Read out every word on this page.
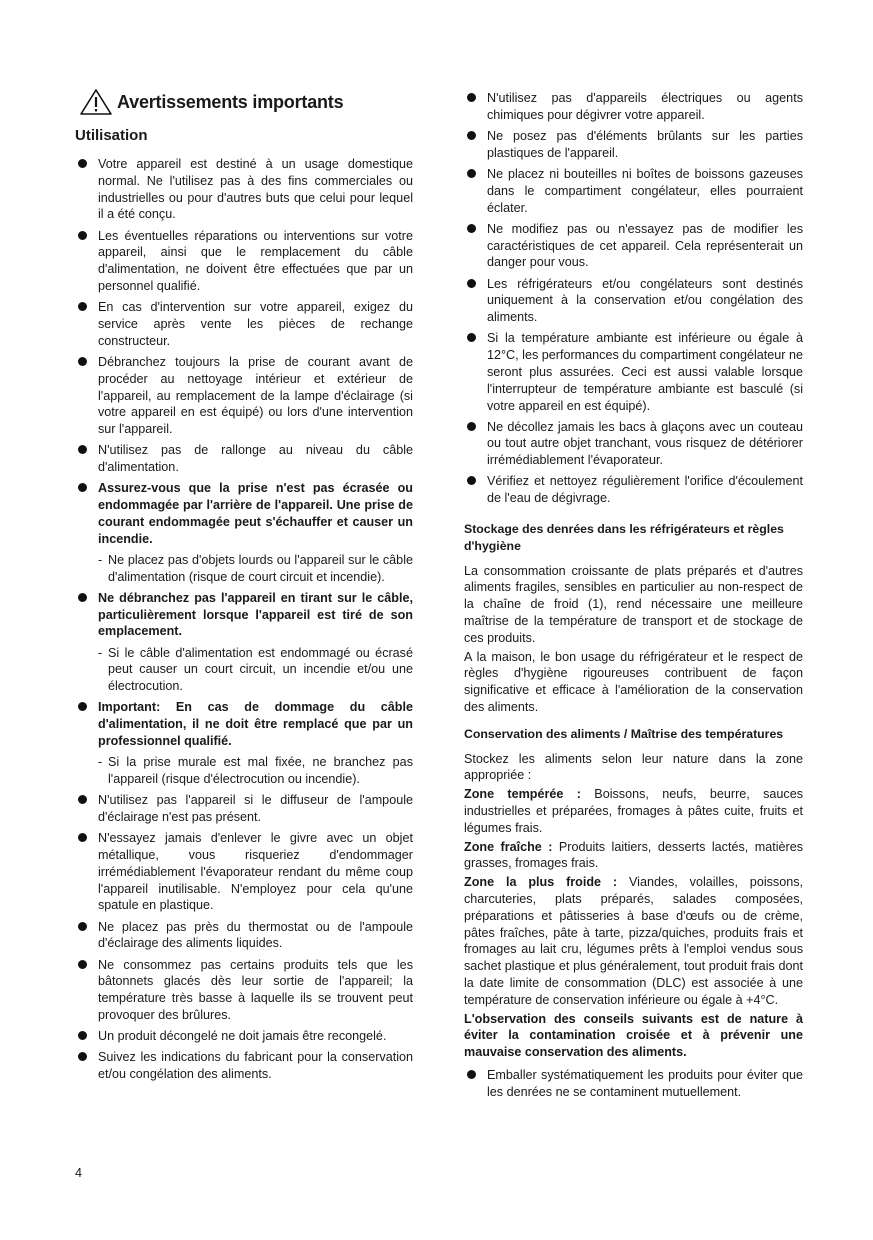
Avertissements importants
Utilisation
Votre appareil est destiné à un usage domestique normal. Ne l'utilisez pas à des fins commerciales ou industrielles ou pour d'autres buts que celui pour lequel il a été conçu.
Les éventuelles réparations ou interventions sur votre appareil, ainsi que le remplacement du câble d'alimentation, ne doivent être effectuées que par un personnel qualifié.
En cas d'intervention sur votre appareil, exigez du service après vente les pièces de rechange constructeur.
Débranchez toujours la prise de courant avant de procéder au nettoyage intérieur et extérieur de l'appareil, au remplacement de la lampe d'éclairage (si votre appareil en est équipé) ou lors d'une intervention sur l'appareil.
N'utilisez pas de rallonge au niveau du câble d'alimentation.
Assurez-vous que la prise n'est pas écrasée ou endommagée par l'arrière de l'appareil. Une prise de courant endommagée peut s'échauffer et causer un incendie.
- Ne placez pas d'objets lourds ou l'appareil sur le câble d'alimentation (risque de court circuit et incendie).
Ne débranchez pas l'appareil en tirant sur le câble, particulièrement lorsque l'appareil est tiré de son emplacement.
- Si le câble d'alimentation est endommagé ou écrasé peut causer un court circuit, un incendie et/ou une électrocution.
Important: En cas de dommage du câble d'alimentation, il ne doit être remplacé que par un professionnel qualifié.
- Si la prise murale est mal fixée, ne branchez pas l'appareil (risque d'électrocution ou incendie).
N'utilisez pas l'appareil si le diffuseur de l'ampoule d'éclairage n'est pas présent.
N'essayez jamais d'enlever le givre avec un objet métallique, vous risqueriez d'endommager irrémédiablement l'évaporateur rendant du même coup l'appareil inutilisable. N'employez pour cela qu'une spatule en plastique.
Ne placez pas près du thermostat ou de l'ampoule d'éclairage des aliments liquides.
Ne consommez pas certains produits tels que les bâtonnets glacés dès leur sortie de l'appareil; la température très basse à laquelle ils se trouvent peut provoquer des brûlures.
Un produit décongelé ne doit jamais être recongelé.
Suivez les indications du fabricant pour la conservation et/ou congélation des aliments.
N'utilisez pas d'appareils électriques ou agents chimiques pour dégivrer votre appareil.
Ne posez pas d'éléments brûlants sur les parties plastiques de l'appareil.
Ne placez ni bouteilles ni boîtes de boissons gazeuses dans le compartiment congélateur, elles pourraient éclater.
Ne modifiez pas ou n'essayez pas de modifier les caractéristiques de cet appareil. Cela représenterait un danger pour vous.
Les réfrigérateurs et/ou congélateurs sont destinés uniquement à la conservation et/ou congélation des aliments.
Si la température ambiante est inférieure ou égale à 12°C, les performances du compartiment congélateur ne seront plus assurées. Ceci est aussi valable lorsque l'interrupteur de température ambiante est basculé (si votre appareil en est équipé).
Ne décollez jamais les bacs à glaçons avec un couteau ou tout autre objet tranchant, vous risquez de détériorer irrémédiablement l'évaporateur.
Vérifiez et nettoyez régulièrement l'orifice d'écoulement de l'eau de dégivrage.

Stockage des denrées dans les réfrigérateurs et règles d'hygiène

La consommation croissante de plats préparés et d'autres aliments fragiles, sensibles en particulier au non-respect de la chaîne de froid (1), rend nécessaire une meilleure maîtrise de la température de transport et de stockage de ces produits.

A la maison, le bon usage du réfrigérateur et le respect de règles d'hygiène rigoureuses contribuent de façon significative et efficace à l'amélioration de la conservation des aliments.

Conservation des aliments / Maîtrise des températures

Stockez les aliments selon leur nature dans la zone appropriée :

Zone tempérée : Boissons, neufs, beurre, sauces industrielles et préparées, fromages à pâtes cuite, fruits et légumes frais.

Zone fraîche : Produits laitiers, desserts lactés, matières grasses, fromages frais.

Zone la plus froide : Viandes, volailles, poissons, charcuteries, plats préparés, salades composées, préparations et pâtisseries à base d'œufs ou de crème, pâtes fraîches, pâte à tarte, pizza/quiches, produits frais et fromages au lait cru, légumes prêts à l'emploi vendus sous sachet plastique et plus généralement, tout produit frais dont la date limite de consommation (DLC) est associée à une température de conservation inférieure ou égale à +4°C.

L'observation des conseils suivants est de nature à éviter la contamination croisée et à prévenir une mauvaise conservation des aliments.

Emballer systématiquement les produits pour éviter que les denrées ne se contaminent mutuellement.
4
